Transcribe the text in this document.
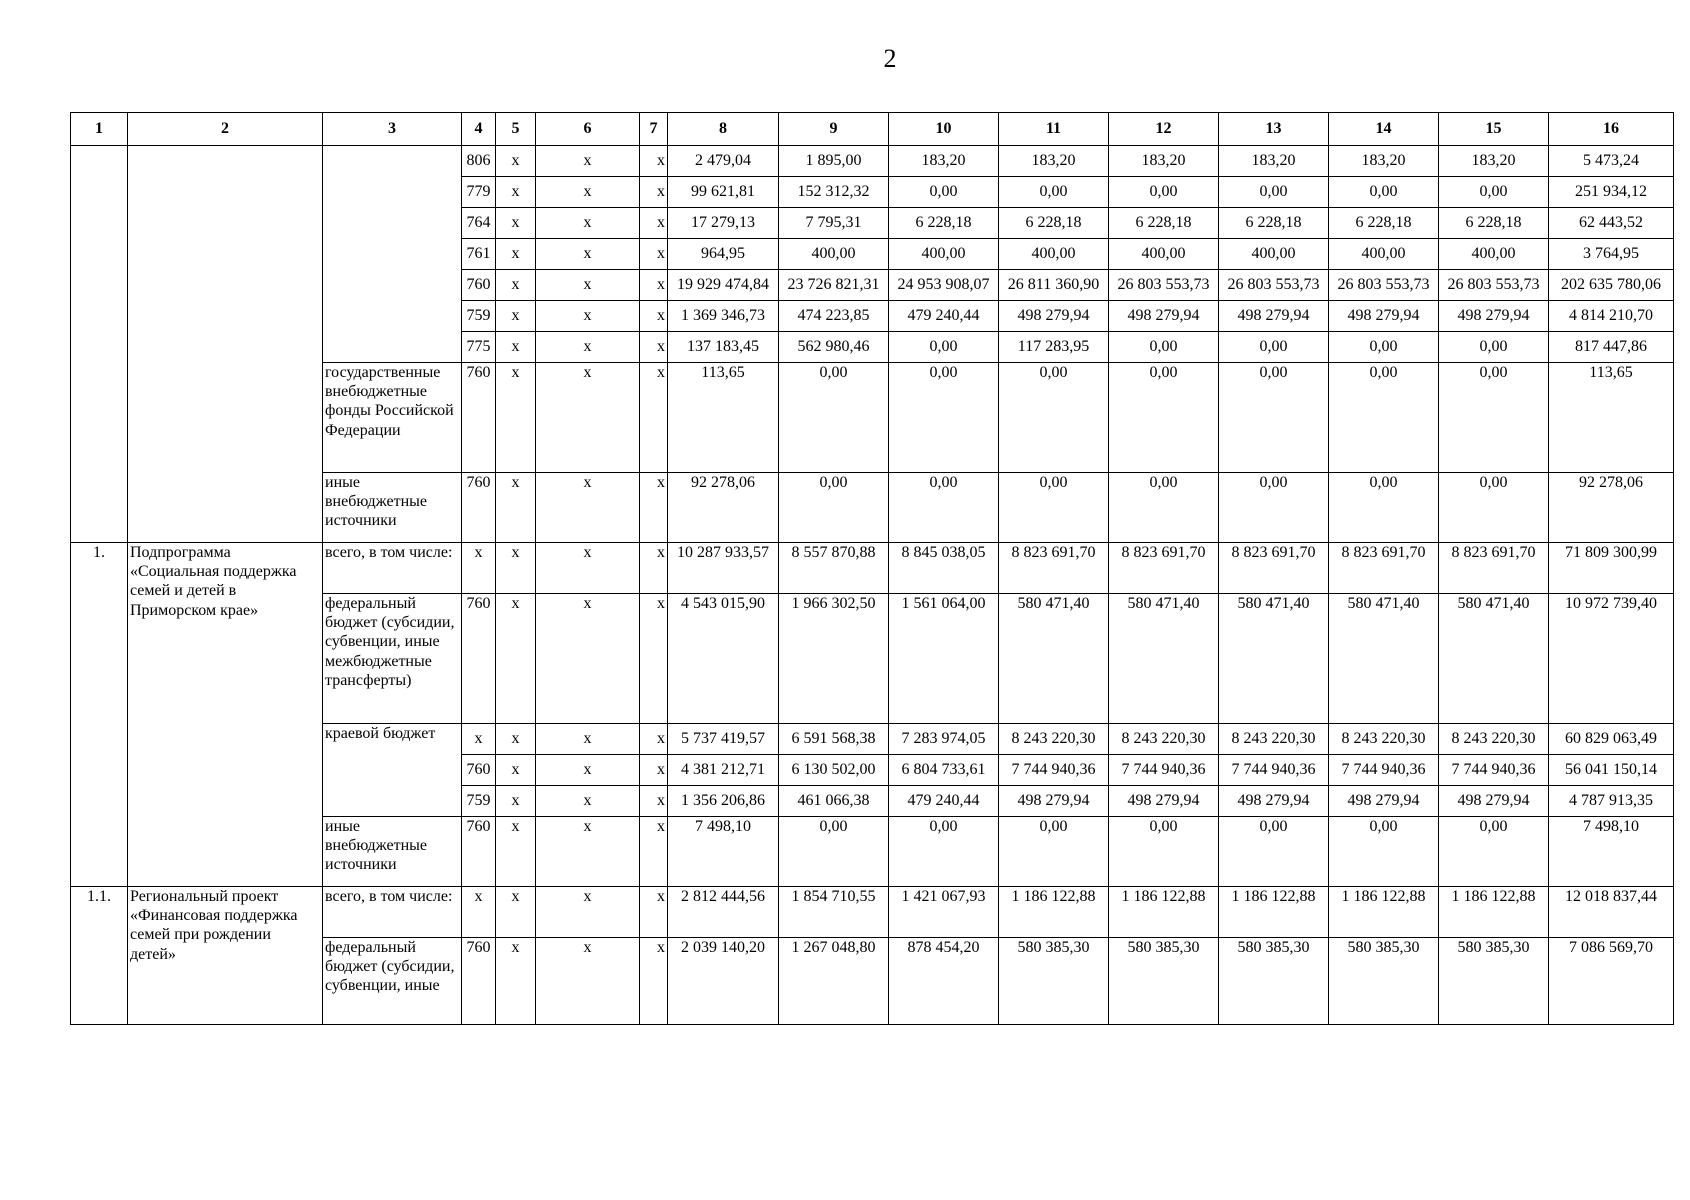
2
1	2	3	4	5	6	7	8	9	10	11	12	13	14	15	16
			806	x	x	x	2 479,04	1 895,00	183,20	183,20	183,20	183,20	183,20	183,20	5 473,24
			779	x	x	x	99 621,81	152 312,32	0,00	0,00	0,00	0,00	0,00	0,00	251 934,12
			764	x	x	x	17 279,13	7 795,31	6 228,18	6 228,18	6 228,18	6 228,18	6 228,18	6 228,18	62 443,52
			761	x	x	x	964,95	400,00	400,00	400,00	400,00	400,00	400,00	400,00	3 764,95
			760	x	x	x	19 929 474,84	23 726 821,31	24 953 908,07	26 811 360,90	26 803 553,73	26 803 553,73	26 803 553,73	26 803 553,73	202 635 780,06
			759	x	x	x	1 369 346,73	474 223,85	479 240,44	498 279,94	498 279,94	498 279,94	498 279,94	498 279,94	4 814 210,70
			775	x	x	x	137 183,45	562 980,46	0,00	117 283,95	0,00	0,00	0,00	0,00	817 447,86
		государственные внебюджетные фонды Российской Федерации	760	x	x	x	113,65	0,00	0,00	0,00	0,00	0,00	0,00	0,00	113,65
		иные внебюджетные источники	760	x	x	x	92 278,06	0,00	0,00	0,00	0,00	0,00	0,00	0,00	92 278,06
1.	Подпрограмма «Социальная поддержка семей и детей в Приморском крае»	всего, в том числе:	x	x	x	x	10 287 933,57	8 557 870,88	8 845 038,05	8 823 691,70	8 823 691,70	8 823 691,70	8 823 691,70	8 823 691,70	71 809 300,99
		федеральный бюджет (субсидии, субвенции, иные межбюджетные трансферты)	760	x	x	x	4 543 015,90	1 966 302,50	1 561 064,00	580 471,40	580 471,40	580 471,40	580 471,40	580 471,40	10 972 739,40
		краевой бюджет	x	x	x	x	5 737 419,57	6 591 568,38	7 283 974,05	8 243 220,30	8 243 220,30	8 243 220,30	8 243 220,30	8 243 220,30	60 829 063,49
			760	x	x	x	4 381 212,71	6 130 502,00	6 804 733,61	7 744 940,36	7 744 940,36	7 744 940,36	7 744 940,36	7 744 940,36	56 041 150,14
			759	x	x	x	1 356 206,86	461 066,38	479 240,44	498 279,94	498 279,94	498 279,94	498 279,94	498 279,94	4 787 913,35
		иные внебюджетные источники	760	x	x	x	7 498,10	0,00	0,00	0,00	0,00	0,00	0,00	0,00	7 498,10
1.1.	Региональный проект «Финансовая поддержка семей при рождении детей»	всего, в том числе:	x	x	x	x	2 812 444,56	1 854 710,55	1 421 067,93	1 186 122,88	1 186 122,88	1 186 122,88	1 186 122,88	1 186 122,88	12 018 837,44
		федеральный бюджет (субсидии, субвенции, иные	760	x	x	x	2 039 140,20	1 267 048,80	878 454,20	580 385,30	580 385,30	580 385,30	580 385,30	580 385,30	7 086 569,70
